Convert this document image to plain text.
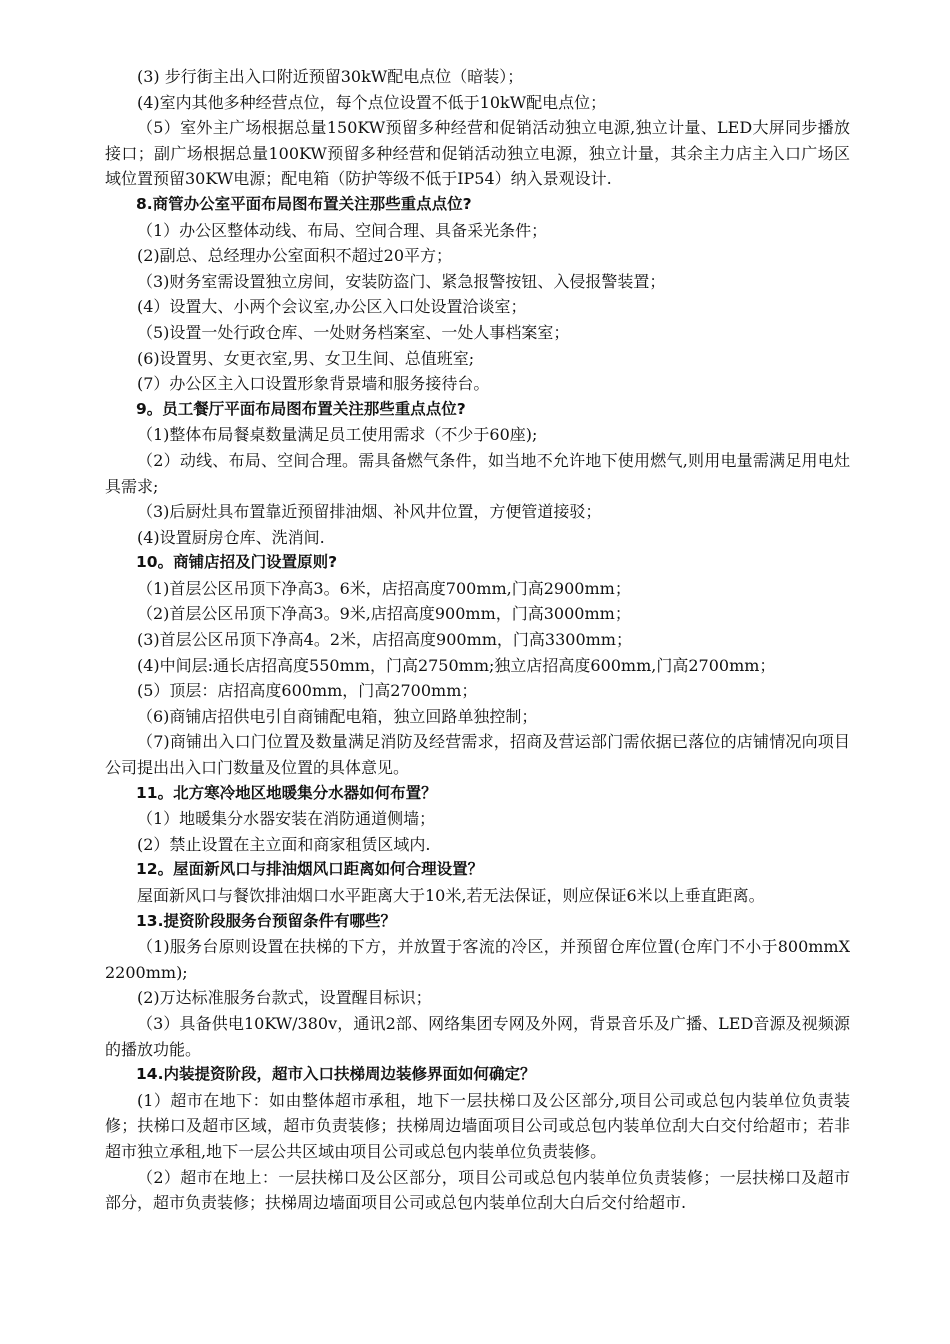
(3) 步行街主出入口附近预留30kW配电点位（暗装）；

(4)室内其他多种经营点位，每个点位设置不低于10kW配电点位；

（5）室外主广场根据总量150KW预留多种经营和促销活动独立电源,独立计量、LED大屏同步播放接口；副广场根据总量100KW预留多种经营和促销活动独立电源，独立计量，其余主力店主入口广场区域位置预留30KW电源；配电箱（防护等级不低于IP54）纳入景观设计.

8.商管办公室平面布局图布置关注那些重点点位?

（1）办公区整体动线、布局、空间合理、具备采光条件；

(2)副总、总经理办公室面积不超过20平方；

（3)财务室需设置独立房间，安装防盗门、紧急报警按钮、入侵报警装置；

(4）设置大、小两个会议室,办公区入口处设置洽谈室；

（5)设置一处行政仓库、一处财务档案室、一处人事档案室；

(6)设置男、女更衣室,男、女卫生间、总值班室;

(7）办公区主入口设置形象背景墙和服务接待台。

9。员工餐厅平面布局图布置关注那些重点点位?

（1)整体布局餐桌数量满足员工使用需求（不少于60座);

（2）动线、布局、空间合理。需具备燃气条件，如当地不允许地下使用燃气,则用电量需满足用电灶具需求;

（3)后厨灶具布置靠近预留排油烟、补风井位置，方便管道接驳；

(4)设置厨房仓库、洗消间.

10。商铺店招及门设置原则?

（1)首层公区吊顶下净高3。6米，店招高度700mm,门高2900mm；

（2)首层公区吊顶下净高3。9米,店招高度900mm，门高3000mm；

(3)首层公区吊顶下净高4。2米，店招高度900mm，门高3300mm；

(4)中间层:通长店招高度550mm，门高2750mm;独立店招高度600mm,门高2700mm；

(5）顶层：店招高度600mm，门高2700mm；

（6)商铺店招供电引自商铺配电箱，独立回路单独控制；

（7)商铺出入口门位置及数量满足消防及经营需求，招商及营运部门需依据已落位的店铺情况向项目公司提出出入口门数量及位置的具体意见。

11。北方寒冷地区地暖集分水器如何布置？

（1）地暖集分水器安装在消防通道侧墙；

(2）禁止设置在主立面和商家租赁区域内.

12。屋面新风口与排油烟风口距离如何合理设置？

屋面新风口与餐饮排油烟口水平距离大于10米,若无法保证，则应保证6米以上垂直距离。

13.提资阶段服务台预留条件有哪些？

（1)服务台原则设置在扶梯的下方，并放置于客流的冷区，并预留仓库位置(仓库门不小于800mmX2200mm);

(2)万达标准服务台款式，设置醒目标识；

（3）具备供电10KW/380v，通讯2部、网络集团专网及外网，背景音乐及广播、LED音源及视频源的播放功能。

14.内装提资阶段，超市入口扶梯周边装修界面如何确定？

(1）超市在地下：如由整体超市承租，地下一层扶梯口及公区部分,项目公司或总包内装单位负责装修；扶梯口及超市区域，超市负责装修；扶梯周边墙面项目公司或总包内装单位刮大白交付给超市；若非超市独立承租,地下一层公共区域由项目公司或总包内装单位负责装修。

（2）超市在地上：一层扶梯口及公区部分，项目公司或总包内装单位负责装修；一层扶梯口及超市部分，超市负责装修；扶梯周边墙面项目公司或总包内装单位刮大白后交付给超市.
